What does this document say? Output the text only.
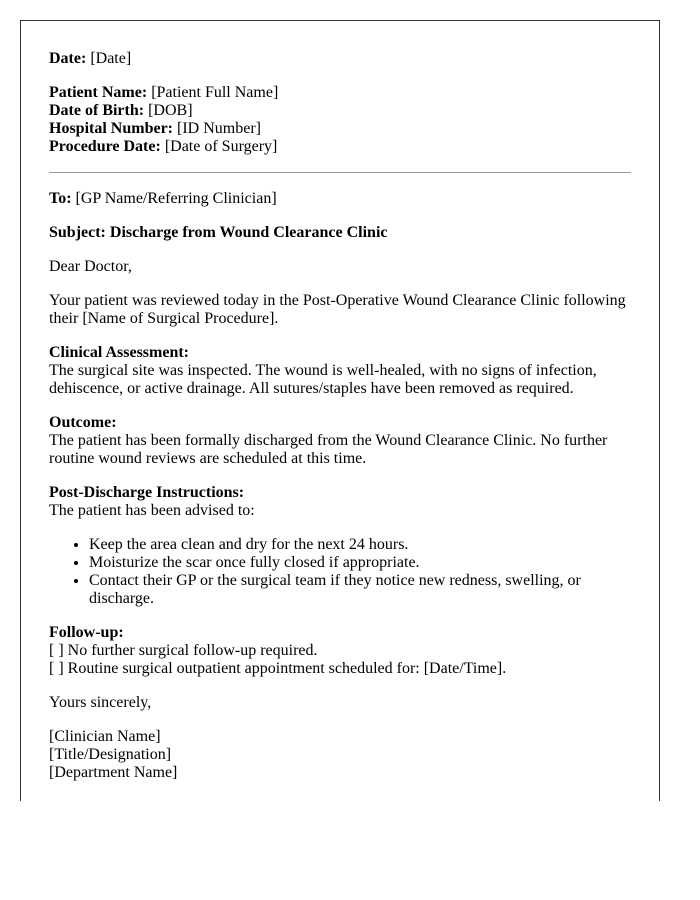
Date: [Date]

Patient Name: [Patient Full Name]
Date of Birth: [DOB]
Hospital Number: [ID Number]
Procedure Date: [Date of Surgery]

To: [GP Name/Referring Clinician]

Subject: Discharge from Wound Clearance Clinic

Dear Doctor,

Your patient was reviewed today in the Post-Operative Wound Clearance Clinic following their [Name of Surgical Procedure].

Clinical Assessment:
The surgical site was inspected. The wound is well-healed, with no signs of infection, dehiscence, or active drainage. All sutures/staples have been removed as required.

Outcome:
The patient has been formally discharged from the Wound Clearance Clinic. No further routine wound reviews are scheduled at this time.

Post-Discharge Instructions:
The patient has been advised to:
• Keep the area clean and dry for the next 24 hours.
• Moisturize the scar once fully closed if appropriate.
• Contact their GP or the surgical team if they notice new redness, swelling, or discharge.

Follow-up:
[ ] No further surgical follow-up required.
[ ] Routine surgical outpatient appointment scheduled for: [Date/Time].

Yours sincerely,

[Clinician Name]
[Title/Designation]
[Department Name]
